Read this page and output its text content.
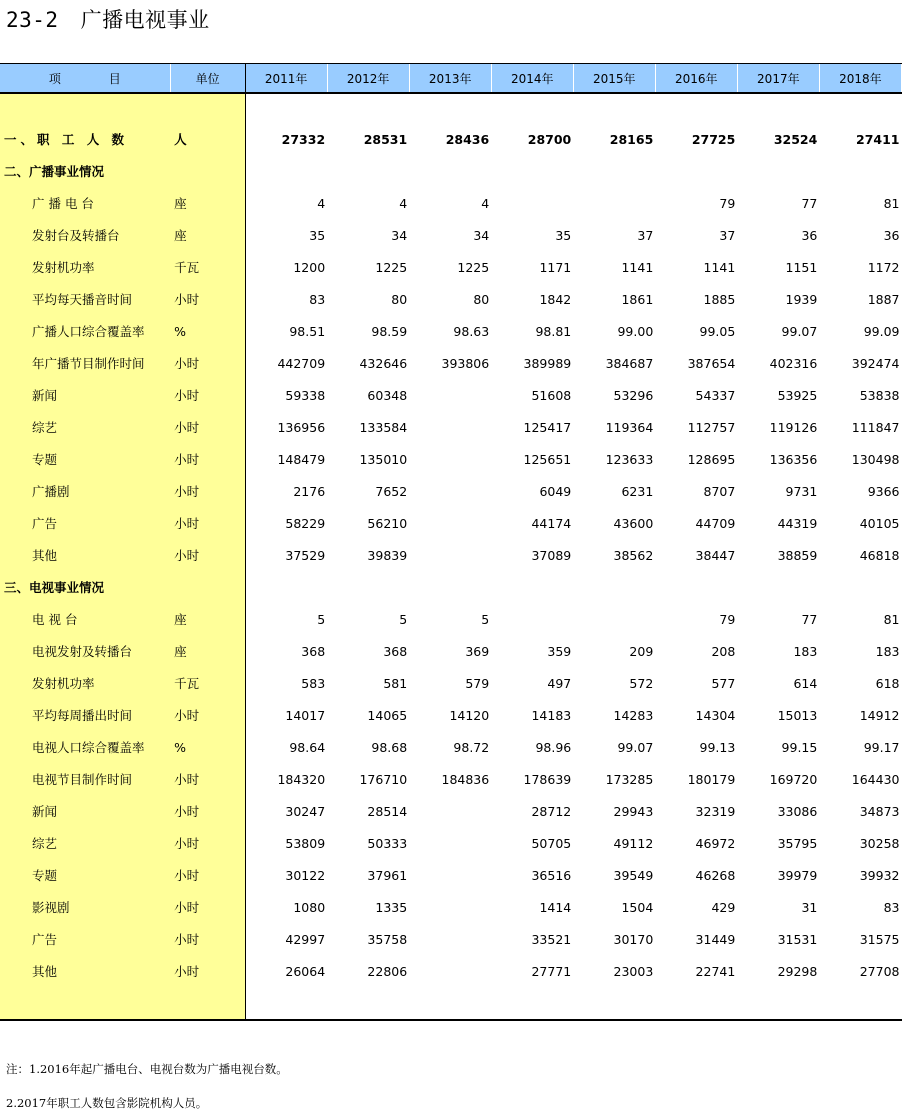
23-2 广播电视事业
项 目	单位	2011年	2012年	2013年	2014年	2015年	2016年	2017年	2018年

一、职 工 人 数	人	27332	28531	28436	28700	28165	27725	32524	27411
二、广播事业情况									
广 播 电 台	座	4	4	4			79	77	81
发射台及转播台	座	35	34	34	35	37	37	36	36
发射机功率	千瓦	1200	1225	1225	1171	1141	1141	1151	1172
平均每天播音时间	小时	83	80	80	1842	1861	1885	1939	1887
广播人口综合覆盖率	%	98.51	98.59	98.63	98.81	99.00	99.05	99.07	99.09
年广播节目制作时间	小时	442709	432646	393806	389989	384687	387654	402316	392474
新闻	小时	59338	60348		51608	53296	54337	53925	53838
综艺	小时	136956	133584		125417	119364	112757	119126	111847
专题	小时	148479	135010		125651	123633	128695	136356	130498
广播剧	小时	2176	7652		6049	6231	8707	9731	9366
广告	小时	58229	56210		44174	43600	44709	44319	40105
其他	小时	37529	39839		37089	38562	38447	38859	46818
三、电视事业情况									
电 视 台	座	5	5	5			79	77	81
电视发射及转播台	座	368	368	369	359	209	208	183	183
发射机功率	千瓦	583	581	579	497	572	577	614	618
平均每周播出时间	小时	14017	14065	14120	14183	14283	14304	15013	14912
电视人口综合覆盖率	%	98.64	98.68	98.72	98.96	99.07	99.13	99.15	99.17
电视节目制作时间	小时	184320	176710	184836	178639	173285	180179	169720	164430
新闻	小时	30247	28514		28712	29943	32319	33086	34873
综艺	小时	53809	50333		50705	49112	46972	35795	30258
专题	小时	30122	37961		36516	39549	46268	39979	39932
影视剧	小时	1080	1335		1414	1504	429	31	83
广告	小时	42997	35758		33521	30170	31449	31531	31575
其他	小时	26064	22806		27771	23003	22741	29298	27708
注：1.2016年起广播电台、电视台数为广播电视台数。
2.2017年职工人数包含影院机构人员。
